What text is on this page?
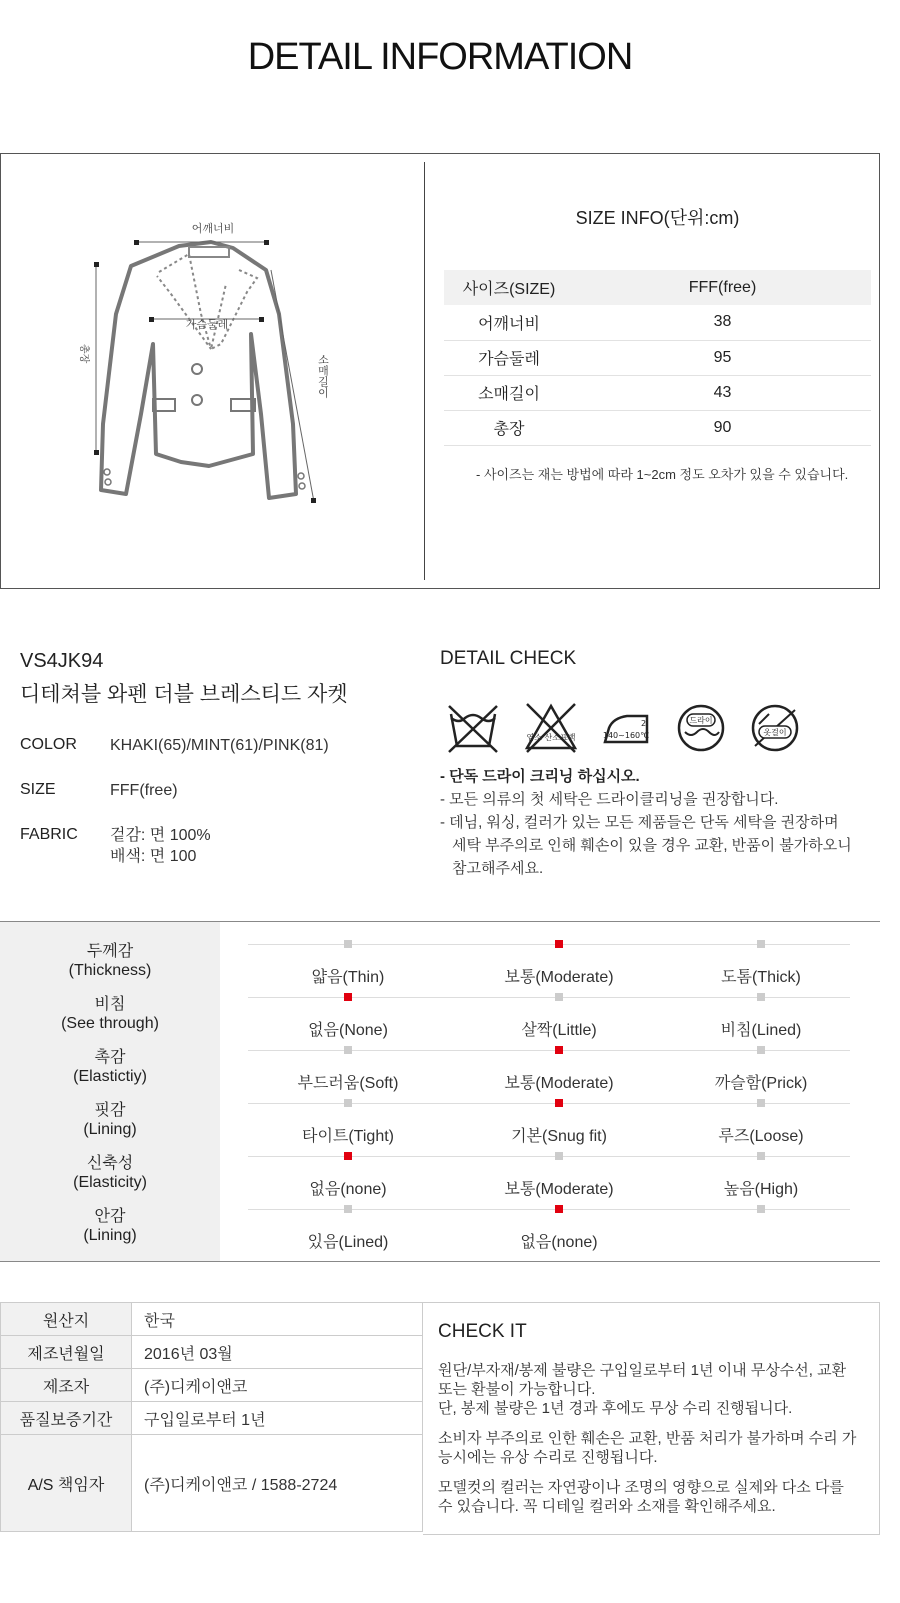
DETAIL INFORMATION
어깨너비
가슴둘레
총장
소매길이
SIZE INFO(단위:cm)
사이즈(SIZE)	FFF(free)
어깨너비	38
가슴둘레	95
소매길이	43
총장	90
- 사이즈는 재는 방법에 따라 1~2cm 정도 오차가 있을 수 있습니다.
VS4JK94
디테쳐블 와펜 더블 브레스티드 자켓
COLOR KHAKI(65)/MINT(61)/PINK(81)
SIZE	FFF(free)
FABRIC 겉감: 면 100%
배색: 면 100
DETAIL CHECK
염소 산소표백
2
140~160℃
드라이
옷걸이
- 단독 드라이 크리닝 하십시오.
- 모든 의류의 첫 세탁은 드라이클리닝을 권장합니다.
- 데님, 워싱, 컬러가 있는 모든 제품들은 단독 세탁을 권장하며
세탁 부주의로 인해 훼손이 있을 경우 교환, 반품이 불가하오니
참고해주세요.
두께감
(Thickness)	얇음(Thin)	보통(Moderate)	도톰(Thick)
비침
(See through)	없음(None)	살짝(Little)	비침(Lined)
촉감
(Elastictiy)	부드러움(Soft)	보통(Moderate)	까슬함(Prick)
핏감
(Lining)	타이트(Tight)	기본(Snug fit)	루즈(Loose)
신축성
(Elasticity)	없음(none)	보통(Moderate)	높음(High)
안감
(Lining)	있음(Lined)	없음(none)
원산지	한국
제조년월일	2016년 03월
제조자	(주)디케이앤코
품질보증기간	구입일로부터 1년
A/S 책임자	(주)디케이앤코 / 1588-2724
CHECK IT
원단/부자재/봉제 불량은 구입일로부터 1년 이내 무상수선, 교환
또는 환불이 가능합니다.
단, 봉제 불량은 1년 경과 후에도 무상 수리 진행됩니다.
소비자 부주의로 인한 훼손은 교환, 반품 처리가 불가하며 수리 가
능시에는 유상 수리로 진행됩니다.
모델컷의 컬러는 자연광이나 조명의 영향으로 실제와 다소 다를
수 있습니다. 꼭 디테일 컬러와 소재를 확인해주세요.
